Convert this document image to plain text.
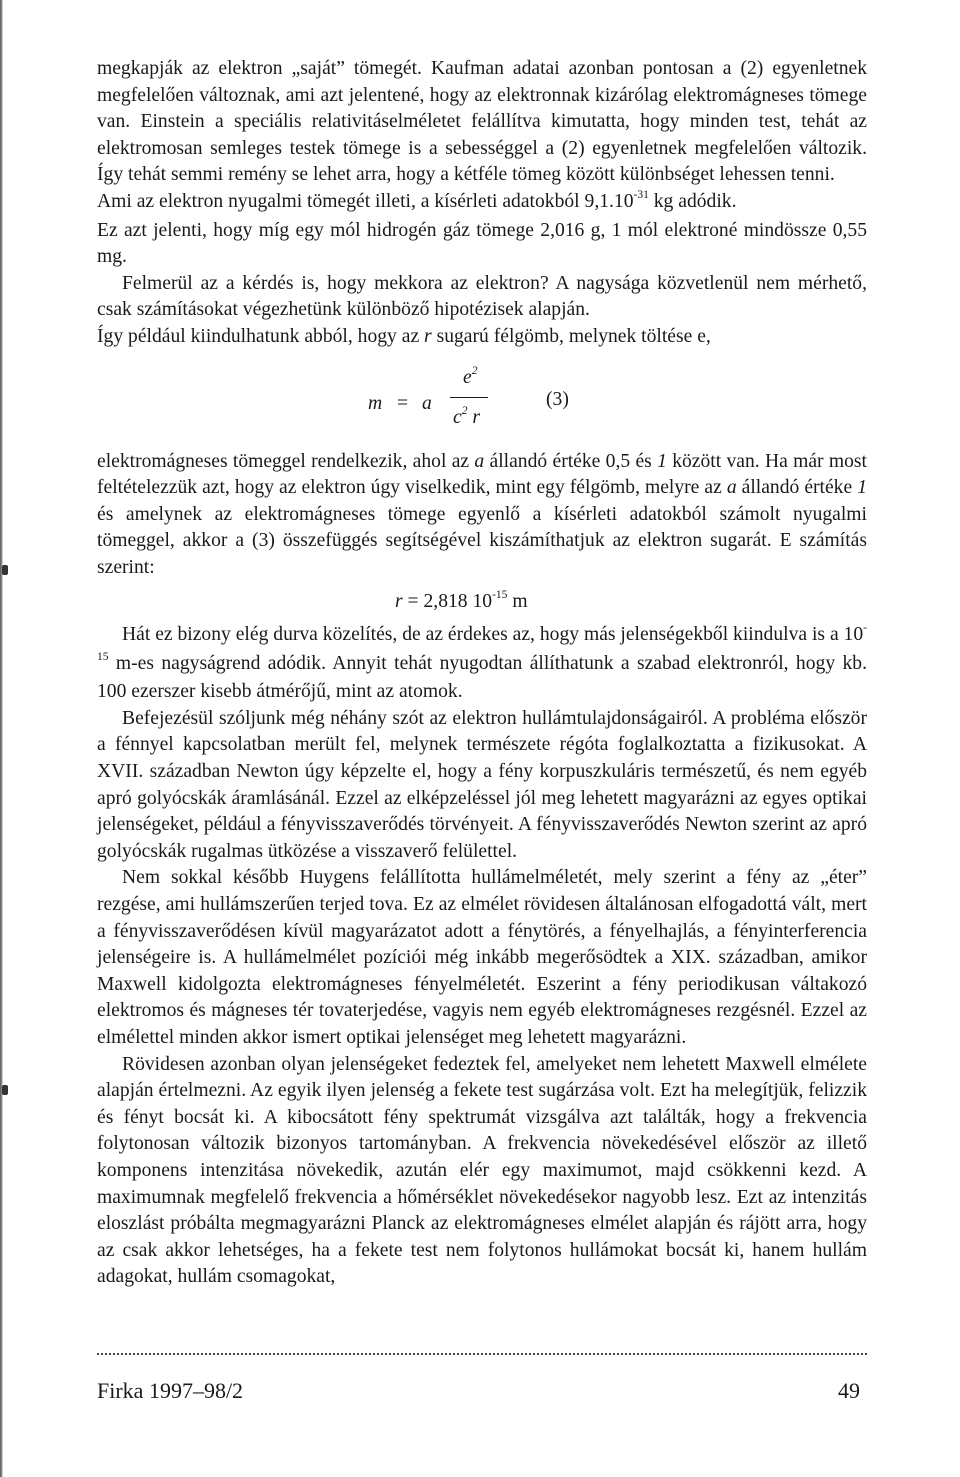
megkapják az elektron „saját” tömegét. Kaufman adatai azonban pontosan a (2) egyenletnek megfelelően változnak, ami azt jelentené, hogy az elektronnak kizárólag elektromágneses tömege van. Einstein a speciális relativitáselméletet felállítva kimutatta, hogy minden test, tehát az elektromosan semleges testek tömege is a sebességgel a (2) egyenletnek megfelelően változik. Így tehát semmi remény se lehet arra, hogy a kétféle tömeg között különbséget lehessen tenni.

Ami az elektron nyugalmi tömegét illeti, a kísérleti adatokból $9,1.10^{-31}$ kg adódik.

Ez azt jelenti, hogy míg egy mól hidrogén gáz tömege 2,016 g, 1 mól elektroné mindössze 0,55 mg.

Felmerül az a kérdés is, hogy mekkora az elektron? A nagysága közvetlenül nem mérhető, csak számításokat végezhetünk különböző hipotézisek alapján.

Így például kiindulhatunk abból, hogy az r sugarú félgömb, melynek töltése e,

m = a
$e^2$
$c^2$ r
(3)

elektromágneses tömeggel rendelkezik, ahol az a állandó értéke 0,5 és 1 között van. Ha már most feltételezzük azt, hogy az elektron úgy viselkedik, mint egy félgömb, melyre az a állandó értéke 1 és amelynek az elektromágneses tömege egyenlő a kísérleti adatokból számolt nyugalmi tömeggel, akkor a (3) összefüggés segítségével kiszámíthatjuk az elektron sugarát. E számítás szerint:

r = 2,818 $10^{-15}$ m

Hát ez bizony elég durva közelítés, de az érdekes az, hogy más jelenségekből kiindulva is a $10^{-15}$ m-es nagyságrend adódik. Annyit tehát nyugodtan állíthatunk a szabad elektronról, hogy kb. 100 ezerszer kisebb átmérőjű, mint az atomok.

Befejezésül szóljunk még néhány szót az elektron hullámtulajdonságairól. A probléma először a fénnyel kapcsolatban merült fel, melynek természete régóta foglalkoztatta a fizikusokat. A XVII. században Newton úgy képzelte el, hogy a fény korpuszkuláris természetű, és nem egyéb apró golyócskák áramlásánál. Ezzel az elképzeléssel jól meg lehetett magyarázni az egyes optikai jelenségeket, például a fényvisszaverődés törvényeit. A fényvisszaverődés Newton szerint az apró golyócskák rugalmas ütközése a visszaverő felülettel.

Nem sokkal később Huygens felállította hullámelméletét, mely szerint a fény az „éter” rezgése, ami hullámszerűen terjed tova. Ez az elmélet rövidesen általánosan elfogadottá vált, mert a fényvisszaverődésen kívül magyarázatot adott a fénytörés, a fényelhajlás, a fényinterferencia jelenségeire is. A hullámelmélet pozíciói még inkább megerősödtek a XIX. században, amikor Maxwell kidolgozta elektromágneses fényelméletét. Eszerint a fény periodikusan váltakozó elektromos és mágneses tér tovaterjedése, vagyis nem egyéb elektromágneses rezgésnél. Ezzel az elmélettel minden akkor ismert optikai jelenséget meg lehetett magyarázni.

Rövidesen azonban olyan jelenségeket fedeztek fel, amelyeket nem lehetett Maxwell elmélete alapján értelmezni. Az egyik ilyen jelenség a fekete test sugárzása volt. Ezt ha melegítjük, felizzik és fényt bocsát ki. A kibocsátott fény spektrumát vizsgálva azt találták, hogy a frekvencia folytonosan változik bizonyos tartományban. A frekvencia növekedésével először az illető komponens intenzitása növekedik, azután elér egy maximumot, majd csökkenni kezd. A maximumnak megfelelő frekvencia a hőmérséklet növekedésekor nagyobb lesz. Ezt az intenzitás eloszlást próbálta megmagyarázni Planck az elektromágneses elmélet alapján és rájött arra, hogy az csak akkor lehetséges, ha a fekete test nem folytonos hullámokat bocsát ki, hanem hullám adagokat, hullám csomagokat,

Firka 1997–98/2	49
